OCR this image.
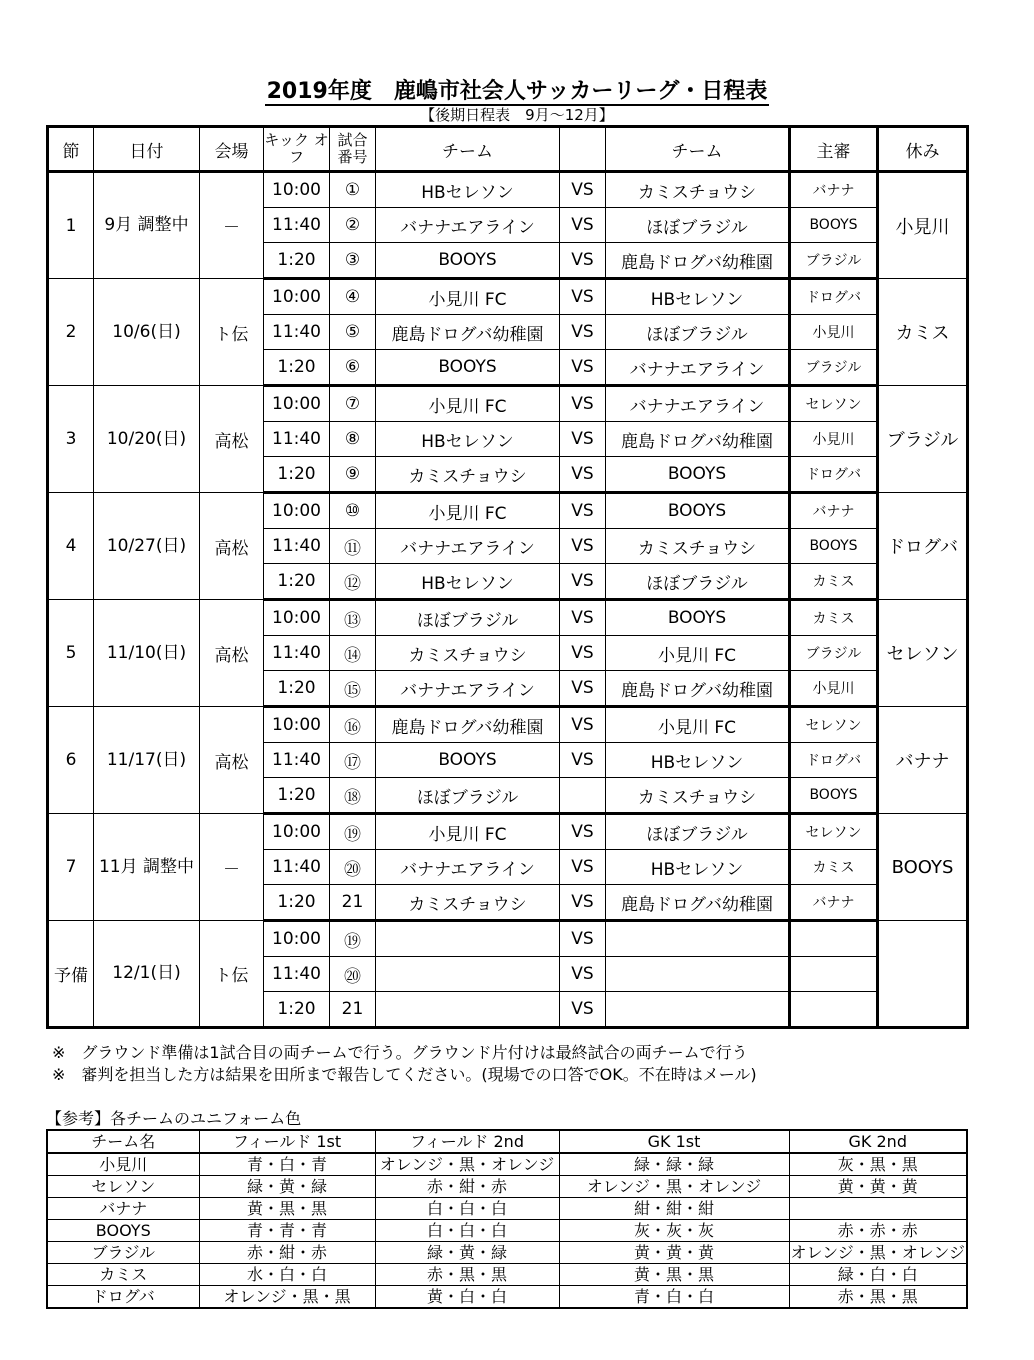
2019年度　鹿嶋市社会人サッカーリーグ・日程表
【後期日程表　9月～12月】
節	日付	会場	キック オフ	試合 番号	チーム		チーム	主審	休み
1	9月 調整中	－	10:00	①	HBセレソン	VS	カミスチョウシ	バナナ	小見川
			11:40	②	バナナエアライン	VS	ほぼブラジル	BOOYS	
			1:20	③	BOOYS	VS	鹿島ドログバ幼稚園	ブラジル	
2	10/6(日)	ト伝	10:00	④	小見川 FC	VS	HBセレソン	ドログバ	カミス
			11:40	⑤	鹿島ドログバ幼稚園	VS	ほぼブラジル	小見川	
			1:20	⑥	BOOYS	VS	バナナエアライン	ブラジル	
3	10/20(日)	高松	10:00	⑦	小見川 FC	VS	バナナエアライン	セレソン	ブラジル
			11:40	⑧	HBセレソン	VS	鹿島ドログバ幼稚園	小見川	
			1:20	⑨	カミスチョウシ	VS	BOOYS	ドログバ	
4	10/27(日)	高松	10:00	⑩	小見川 FC	VS	BOOYS	バナナ	ドログバ
			11:40	⑪	バナナエアライン	VS	カミスチョウシ	BOOYS	
			1:20	⑫	HBセレソン	VS	ほぼブラジル	カミス	
5	11/10(日)	高松	10:00	⑬	ほぼブラジル	VS	BOOYS	カミス	セレソン
			11:40	⑭	カミスチョウシ	VS	小見川 FC	ブラジル	
			1:20	⑮	バナナエアライン	VS	鹿島ドログバ幼稚園	小見川	
6	11/17(日)	高松	10:00	⑯	鹿島ドログバ幼稚園	VS	小見川 FC	セレソン	バナナ
			11:40	⑰	BOOYS	VS	HBセレソン	ドログバ	
			1:20	⑱	ほぼブラジル		カミスチョウシ	BOOYS	
7	11月 調整中	－	10:00	⑲	小見川 FC	VS	ほぼブラジル	セレソン	BOOYS
			11:40	⑳	バナナエアライン	VS	HBセレソン	カミス	
			1:20	21	カミスチョウシ	VS	鹿島ドログバ幼稚園	バナナ	
予備	12/1(日)	ト伝	10:00	⑲		VS			
			11:40	⑳		VS			
			1:20	21		VS			
※　グラウンド準備は1試合目の両チームで行う。グラウンド片付けは最終試合の両チームで行う
※　審判を担当した方は結果を田所まで報告してください。(現場での口答でOK。不在時はメール)
【参考】各チームのユニフォーム色
チーム名	フィールド 1st	フィールド 2nd	GK 1st	GK 2nd
小見川	青・白・青	オレンジ・黒・オレンジ	緑・緑・緑	灰・黒・黒
セレソン	緑・黄・緑	赤・紺・赤	オレンジ・黒・オレンジ	黄・黄・黄
バナナ	黄・黒・黒	白・白・白	紺・紺・紺	
BOOYS	青・青・青	白・白・白	灰・灰・灰	赤・赤・赤
ブラジル	赤・紺・赤	緑・黄・緑	黄・黄・黄	オレンジ・黒・オレンジ
カミス	水・白・白	赤・黒・黒	黄・黒・黒	緑・白・白
ドログバ	オレンジ・黒・黒	黄・白・白	青・白・白	赤・黒・黒
